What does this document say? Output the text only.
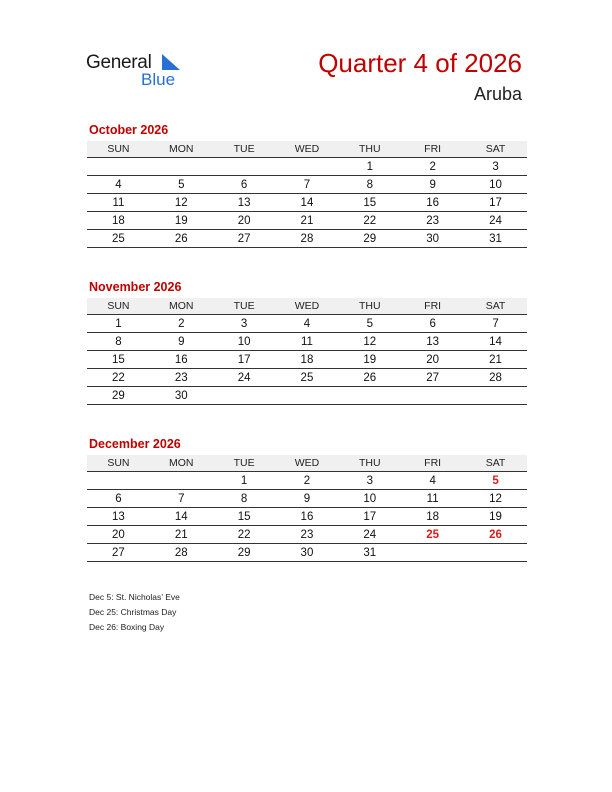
General
Blue
Quarter 4 of 2026
Aruba
October 2026
SUN	MON	TUE	WED	THU	FRI	SAT
				1	2	3
4	5	6	7	8	9	10
11	12	13	14	15	16	17
18	19	20	21	22	23	24
25	26	27	28	29	30	31
November 2026
SUN	MON	TUE	WED	THU	FRI	SAT
1	2	3	4	5	6	7
8	9	10	11	12	13	14
15	16	17	18	19	20	21
22	23	24	25	26	27	28
29	30					
December 2026
SUN	MON	TUE	WED	THU	FRI	SAT
		1	2	3	4	5
6	7	8	9	10	11	12
13	14	15	16	17	18	19
20	21	22	23	24	25	26
27	28	29	30	31		
Dec 5: St. Nicholas’ Eve
Dec 25: Christmas Day
Dec 26: Boxing Day
